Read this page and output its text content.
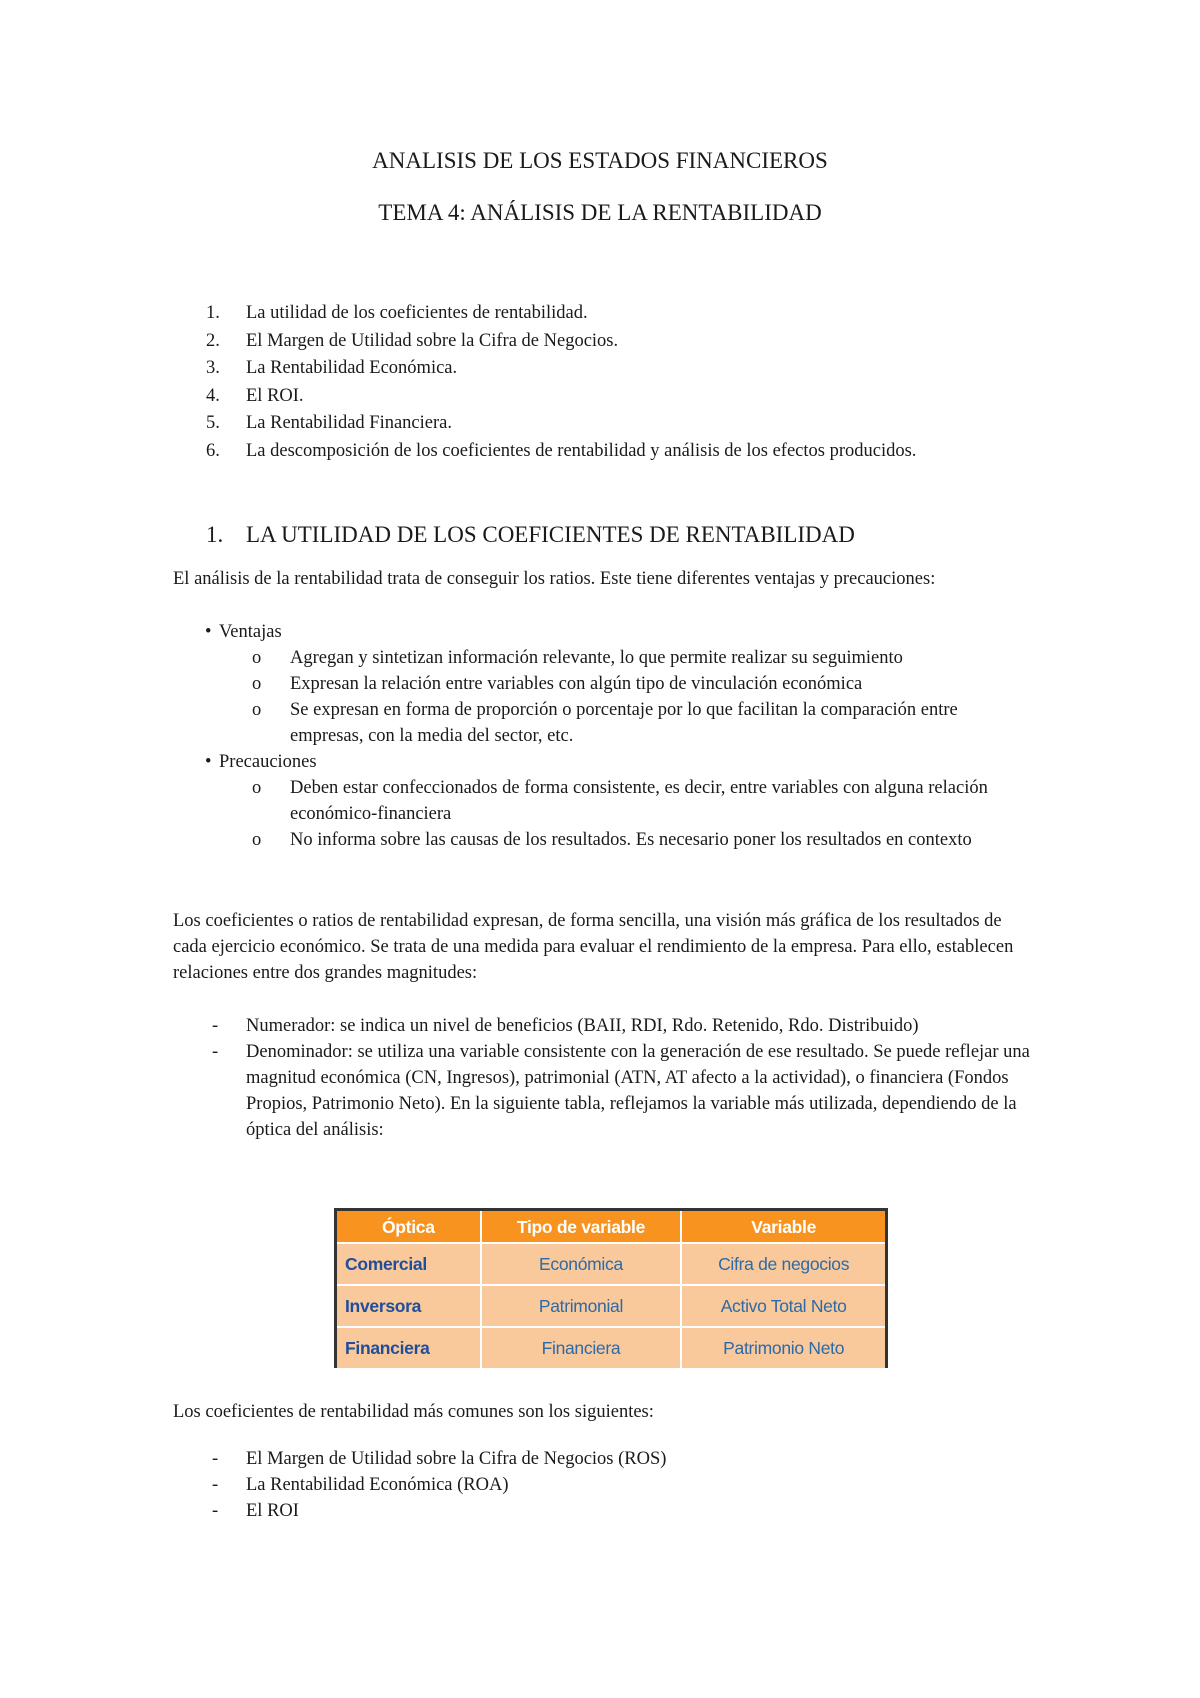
ANALISIS DE LOS ESTADOS FINANCIEROS
TEMA 4: ANÁLISIS DE LA RENTABILIDAD
1. La utilidad de los coeficientes de rentabilidad.
2. El Margen de Utilidad sobre la Cifra de Negocios.
3. La Rentabilidad Económica.
4. El ROI.
5. La Rentabilidad Financiera.
6. La descomposición de los coeficientes de rentabilidad y análisis de los efectos producidos.
1. LA UTILIDAD DE LOS COEFICIENTES DE RENTABILIDAD

El análisis de la rentabilidad trata de conseguir los ratios. Este tiene diferentes ventajas y precauciones:

• Ventajas
o Agregan y sintetizan información relevante, lo que permite realizar su seguimiento
o Expresan la relación entre variables con algún tipo de vinculación económica
o Se expresan en forma de proporción o porcentaje por lo que facilitan la comparación entre empresas, con la media del sector, etc.
• Precauciones
o Deben estar confeccionados de forma consistente, es decir, entre variables con alguna relación económico-financiera
o No informa sobre las causas de los resultados. Es necesario poner los resultados en contexto

Los coeficientes o ratios de rentabilidad expresan, de forma sencilla, una visión más gráfica de los resultados de cada ejercicio económico. Se trata de una medida para evaluar el rendimiento de la empresa. Para ello, establecen relaciones entre dos grandes magnitudes:

- Numerador: se indica un nivel de beneficios (BAII, RDI, Rdo. Retenido, Rdo. Distribuido)
- Denominador: se utiliza una variable consistente con la generación de ese resultado. Se puede reflejar una magnitud económica (CN, Ingresos), patrimonial (ATN, AT afecto a la actividad), o financiera (Fondos Propios, Patrimonio Neto). En la siguiente tabla, reflejamos la variable más utilizada, dependiendo de la óptica del análisis:
Óptica	Tipo de variable	Variable
Comercial	Económica	Cifra de negocios
Inversora	Patrimonial	Activo Total Neto
Financiera	Financiera	Patrimonio Neto

Los coeficientes de rentabilidad más comunes son los siguientes:

- El Margen de Utilidad sobre la Cifra de Negocios (ROS)
- La Rentabilidad Económica (ROA)
- El ROI
